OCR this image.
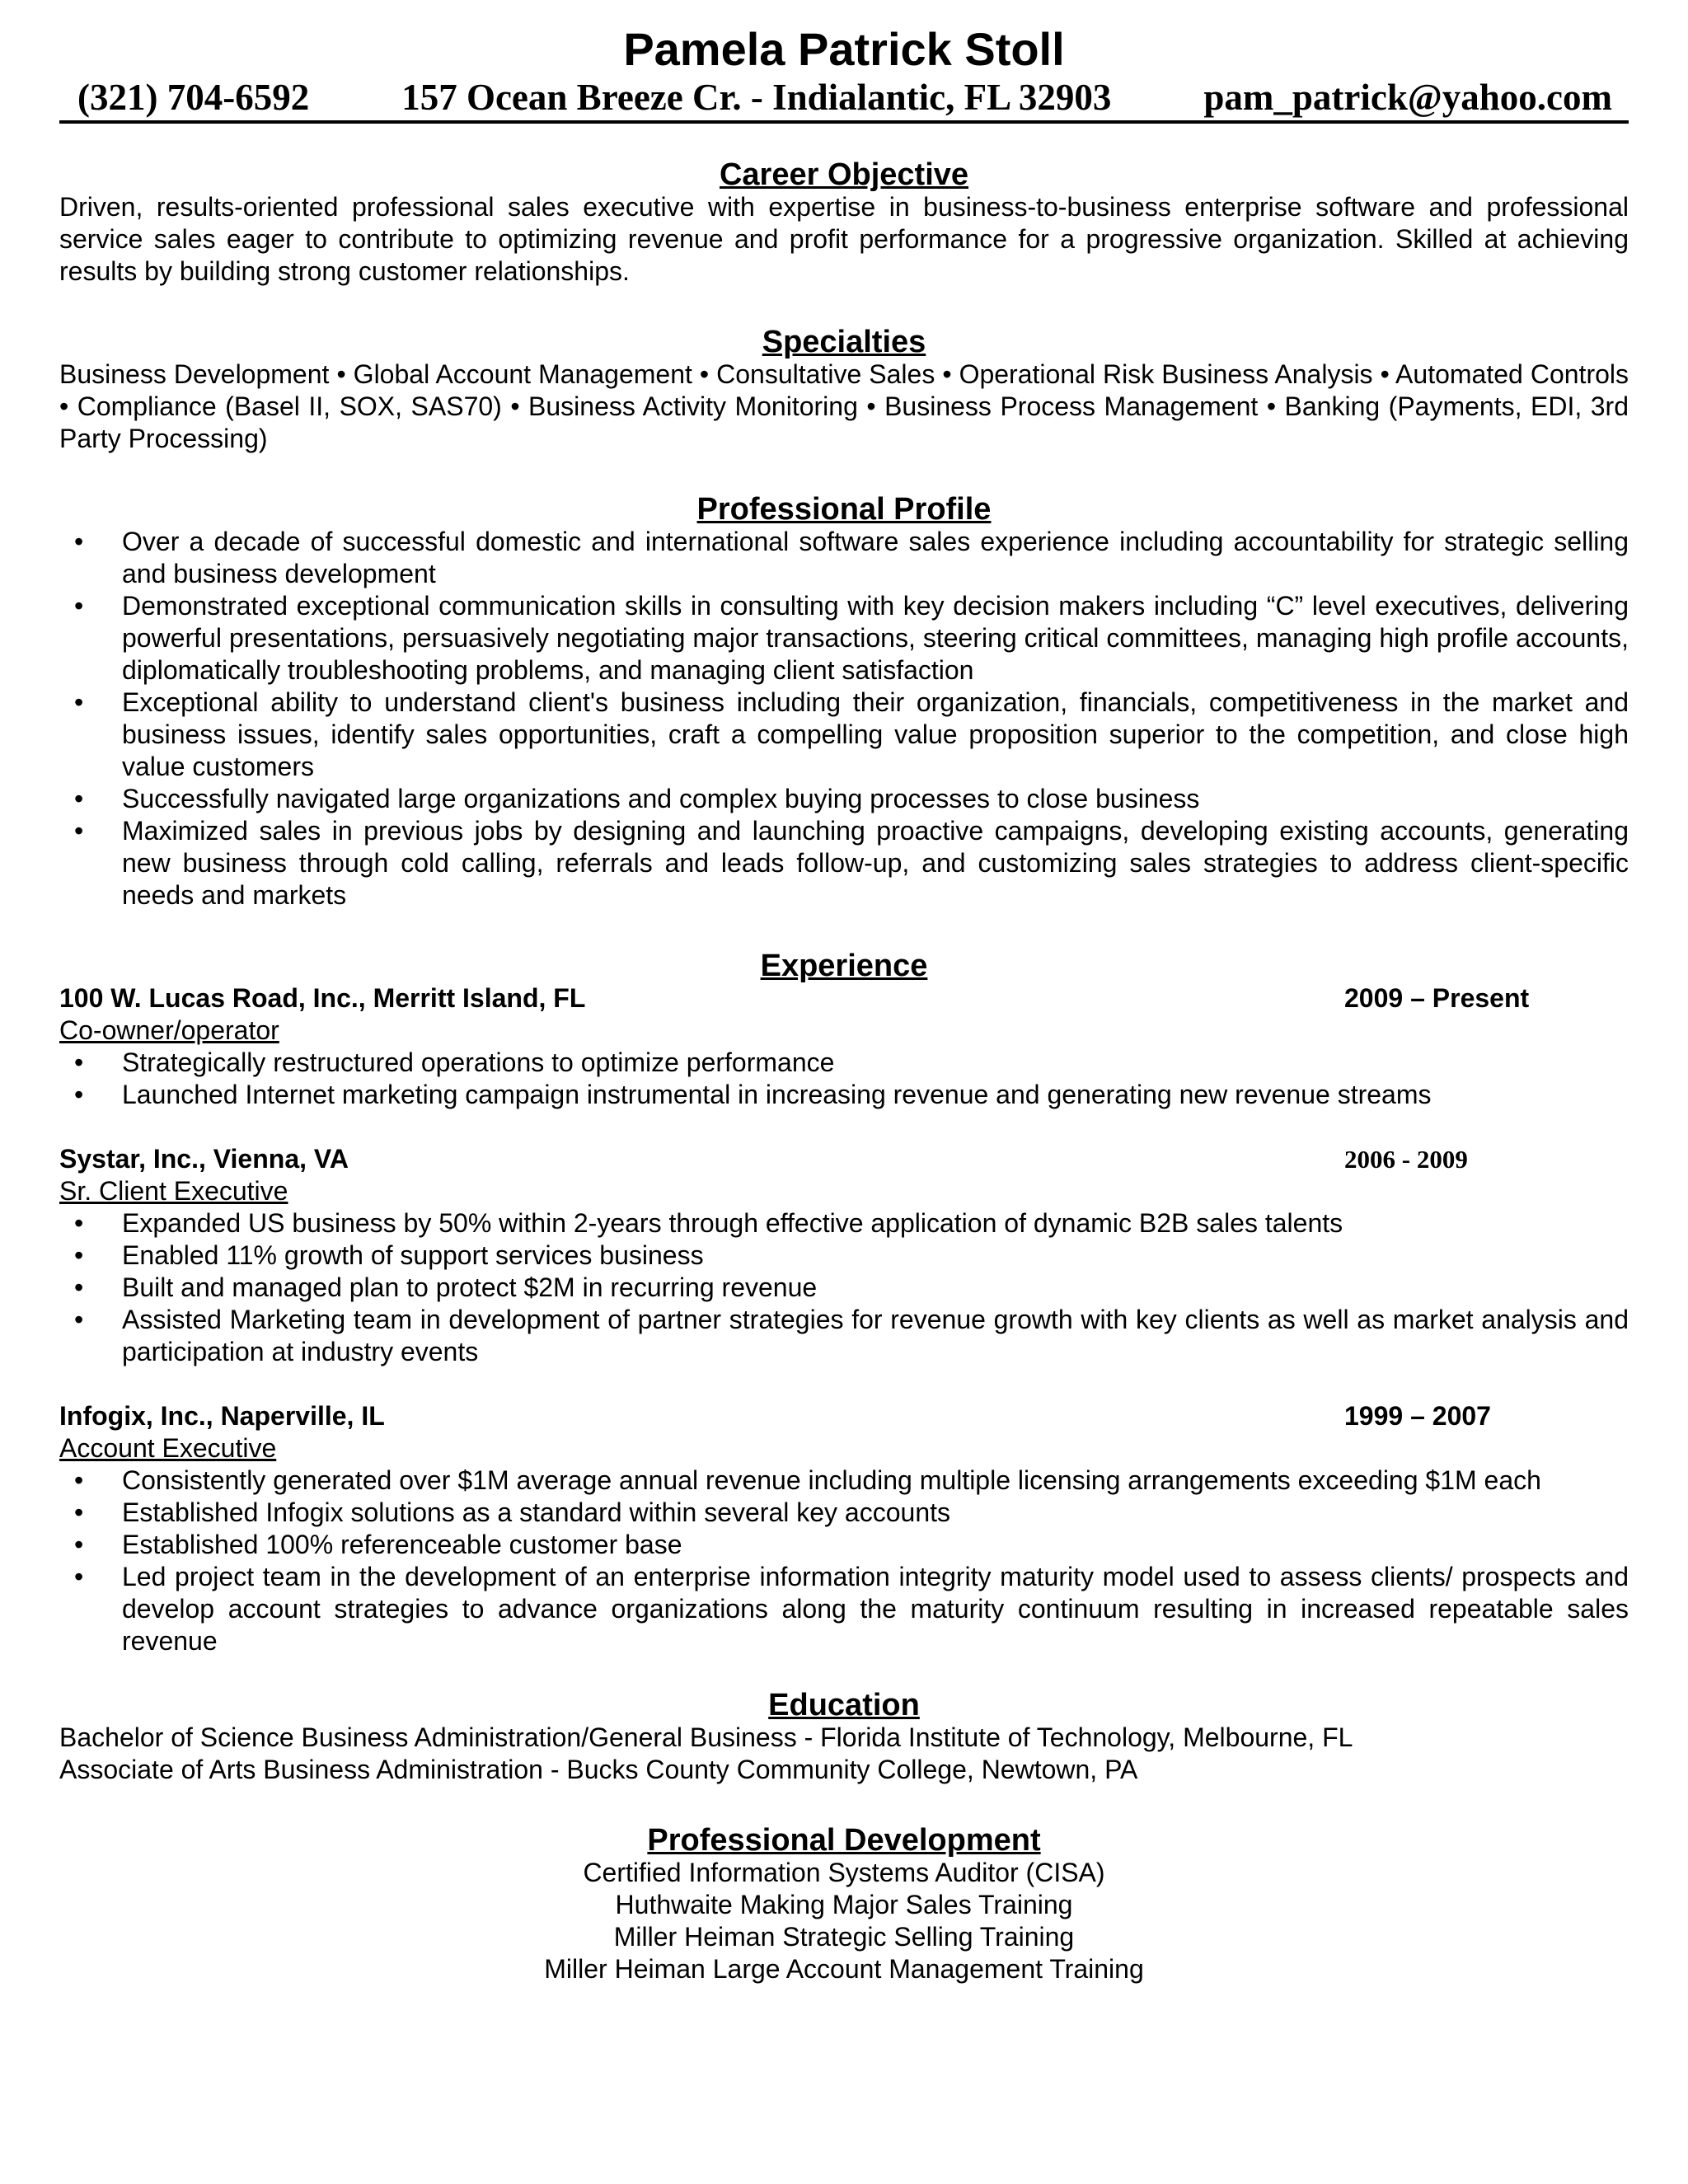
Pamela Patrick Stoll
(321) 704-6592 157 Ocean Breeze Cr. - Indialantic, FL 32903 pam_patrick@yahoo.com
Career Objective
Driven, results-oriented professional sales executive with expertise in business-to-business enterprise software and professional service sales eager to contribute to optimizing revenue and profit performance for a progressive organization. Skilled at achieving results by building strong customer relationships.
Specialties
Business Development • Global Account Management • Consultative Sales • Operational Risk Business Analysis • Automated Controls • Compliance (Basel II, SOX, SAS70) • Business Activity Monitoring • Business Process Management • Banking (Payments, EDI, 3rd Party Processing)
Professional Profile
• Over a decade of successful domestic and international software sales experience including accountability for strategic selling and business development
• Demonstrated exceptional communication skills in consulting with key decision makers including “C” level executives, delivering powerful presentations, persuasively negotiating major transactions, steering critical committees, managing high profile accounts, diplomatically troubleshooting problems, and managing client satisfaction
• Exceptional ability to understand client's business including their organization, financials, competitiveness in the market and business issues, identify sales opportunities, craft a compelling value proposition superior to the competition, and close high value customers
• Successfully navigated large organizations and complex buying processes to close business
• Maximized sales in previous jobs by designing and launching proactive campaigns, developing existing accounts, generating new business through cold calling, referrals and leads follow-up, and customizing sales strategies to address client-specific needs and markets
Experience
100 W. Lucas Road, Inc., Merritt Island, FL	2009 – Present
Co-owner/operator
• Strategically restructured operations to optimize performance
• Launched Internet marketing campaign instrumental in increasing revenue and generating new revenue streams
Systar, Inc., Vienna, VA	2006 - 2009
Sr. Client Executive
• Expanded US business by 50% within 2-years through effective application of dynamic B2B sales talents
• Enabled 11% growth of support services business
• Built and managed plan to protect $2M in recurring revenue
• Assisted Marketing team in development of partner strategies for revenue growth with key clients as well as market analysis and participation at industry events
Infogix, Inc., Naperville, IL	1999 – 2007
Account Executive
• Consistently generated over $1M average annual revenue including multiple licensing arrangements exceeding $1M each
• Established Infogix solutions as a standard within several key accounts
• Established 100% referenceable customer base
• Led project team in the development of an enterprise information integrity maturity model used to assess clients/ prospects and develop account strategies to advance organizations along the maturity continuum resulting in increased repeatable sales revenue
Education
Bachelor of Science Business Administration/General Business - Florida Institute of Technology, Melbourne, FL
Associate of Arts Business Administration - Bucks County Community College, Newtown, PA
Professional Development
Certified Information Systems Auditor (CISA)
Huthwaite Making Major Sales Training
Miller Heiman Strategic Selling Training
Miller Heiman Large Account Management Training
